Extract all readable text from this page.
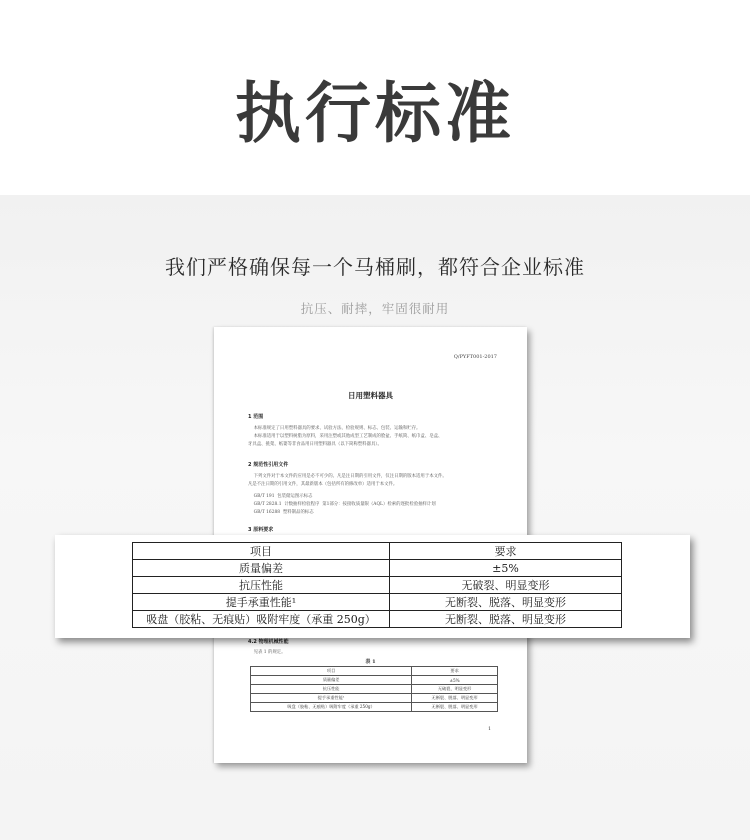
执行标准
我们严格确保每一个马桶刷，都符合企业标准
抗压、耐摔，牢固很耐用
Q/PYFT001-2017
日用塑料器具
1 范围
本标准规定了日用塑料器具的要求、试验方法、检验规则、标志、包装、运输和贮存。
本标准适用于以塑料树脂为原料，采用注塑或其他成型工艺制成的脸盆、手纸筒、纸巾盒、皂盒、
牙具盒、挑架、纸篓等非食品用日用塑料器具（以下简称塑料器具）。
2 规范性引用文件
下列文件对于本文件的应用是必不可少的。凡是注日期的引用文件，仅注日期的版本适用于本文件。
凡是不注日期的引用文件，其最新版本（包括所有的修改单）适用于本文件。
GB/T 191  包装储运图示标志
GB/T 2828.1  计数抽样检验程序  第1部分：按接收质量限（AQL）检索的逐批检验抽样计划
GB/T 16288  塑料制品的标志
3 原料要求
4.2 物理机械性能
见表 1 的规定。
表 1
项目	要求
质量偏差	±5%
抗压性能	无破裂、明显变形
提手承重性能¹	无断裂、脱落、明显变形
吸盘（胶粘、无痕贴）吸附牢度（承重 250g）	无断裂、脱落、明显变形
1
项目	要求
质量偏差	±5%
抗压性能	无破裂、明显变形
提手承重性能¹	无断裂、脱落、明显变形
吸盘（胶粘、无痕贴）吸附牢度（承重 250g）	无断裂、脱落、明显变形
